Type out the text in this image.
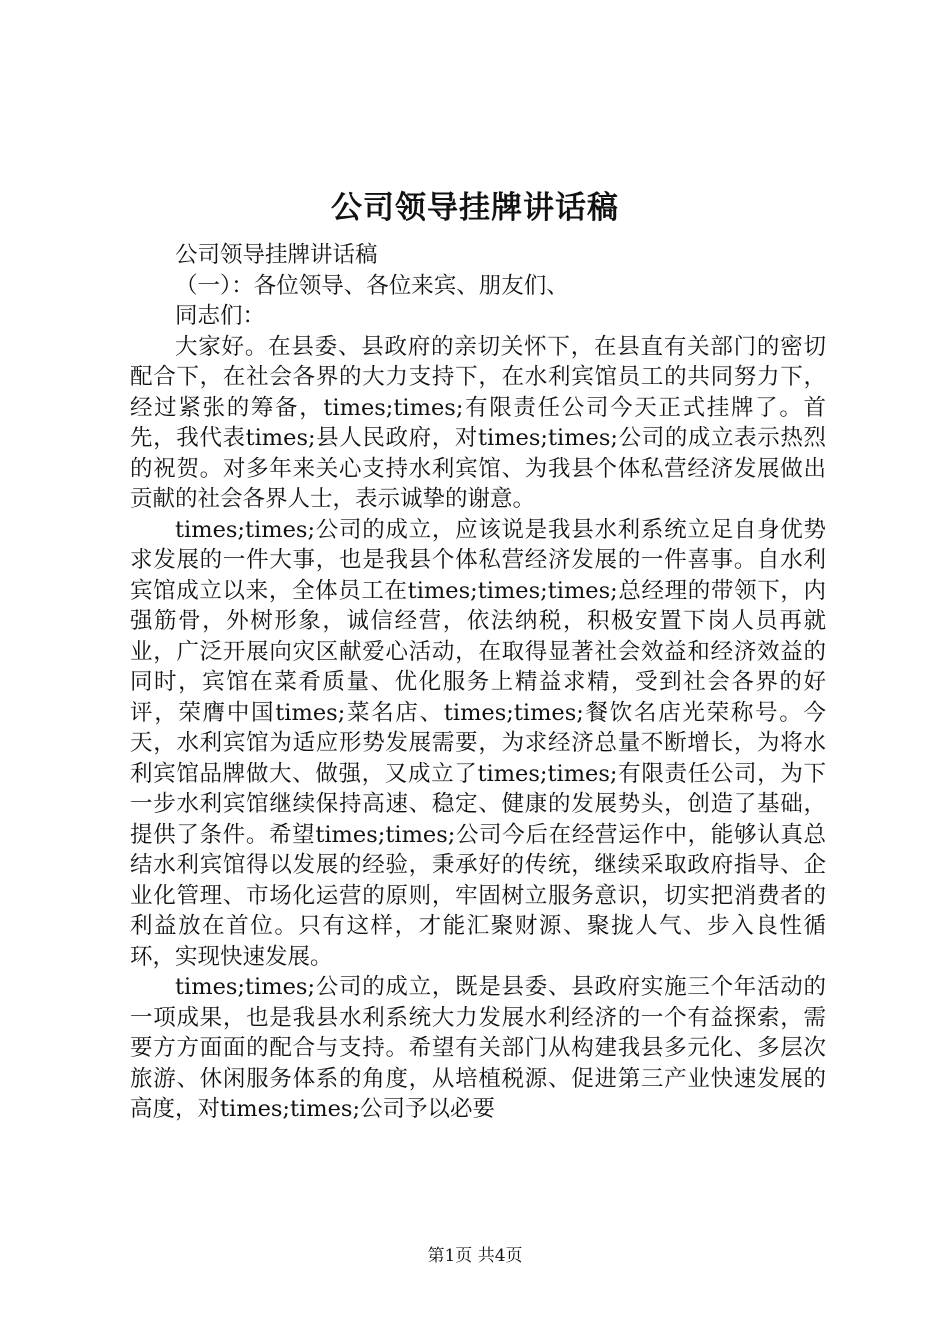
公司领导挂牌讲话稿

公司领导挂牌讲话稿

（一）：各位领导、各位来宾、朋友们、

同志们：

大家好。在县委、县政府的亲切关怀下，在县直有关部门的密切配合下，在社会各界的大力支持下，在水利宾馆员工的共同努力下，经过紧张的筹备，times;times;有限责任公司今天正式挂牌了。首先，我代表times;县人民政府，对times;times;公司的成立表示热烈的祝贺。对多年来关心支持水利宾馆、为我县个体私营经济发展做出贡献的社会各界人士，表示诚挚的谢意。

times;times;公司的成立，应该说是我县水利系统立足自身优势求发展的一件大事，也是我县个体私营经济发展的一件喜事。自水利宾馆成立以来，全体员工在times;times;times;总经理的带领下，内强筋骨，外树形象，诚信经营，依法纳税，积极安置下岗人员再就业，广泛开展向灾区献爱心活动，在取得显著社会效益和经济效益的同时，宾馆在菜肴质量、优化服务上精益求精，受到社会各界的好评，荣膺中国times;菜名店、times;times;餐饮名店光荣称号。今天，水利宾馆为适应形势发展需要，为求经济总量不断增长，为将水利宾馆品牌做大、做强，又成立了times;times;有限责任公司，为下一步水利宾馆继续保持高速、稳定、健康的发展势头，创造了基础，提供了条件。希望times;times;公司今后在经营运作中，能够认真总结水利宾馆得以发展的经验，秉承好的传统，继续采取政府指导、企业化管理、市场化运营的原则，牢固树立服务意识，切实把消费者的利益放在首位。只有这样，才能汇聚财源、聚拢人气、步入良性循环，实现快速发展。

times;times;公司的成立，既是县委、县政府实施三个年活动的一项成果，也是我县水利系统大力发展水利经济的一个有益探索，需要方方面面的配合与支持。希望有关部门从构建我县多元化、多层次旅游、休闲服务体系的角度，从培植税源、促进第三产业快速发展的高度，对times;times;公司予以必要

第1页 共4页
